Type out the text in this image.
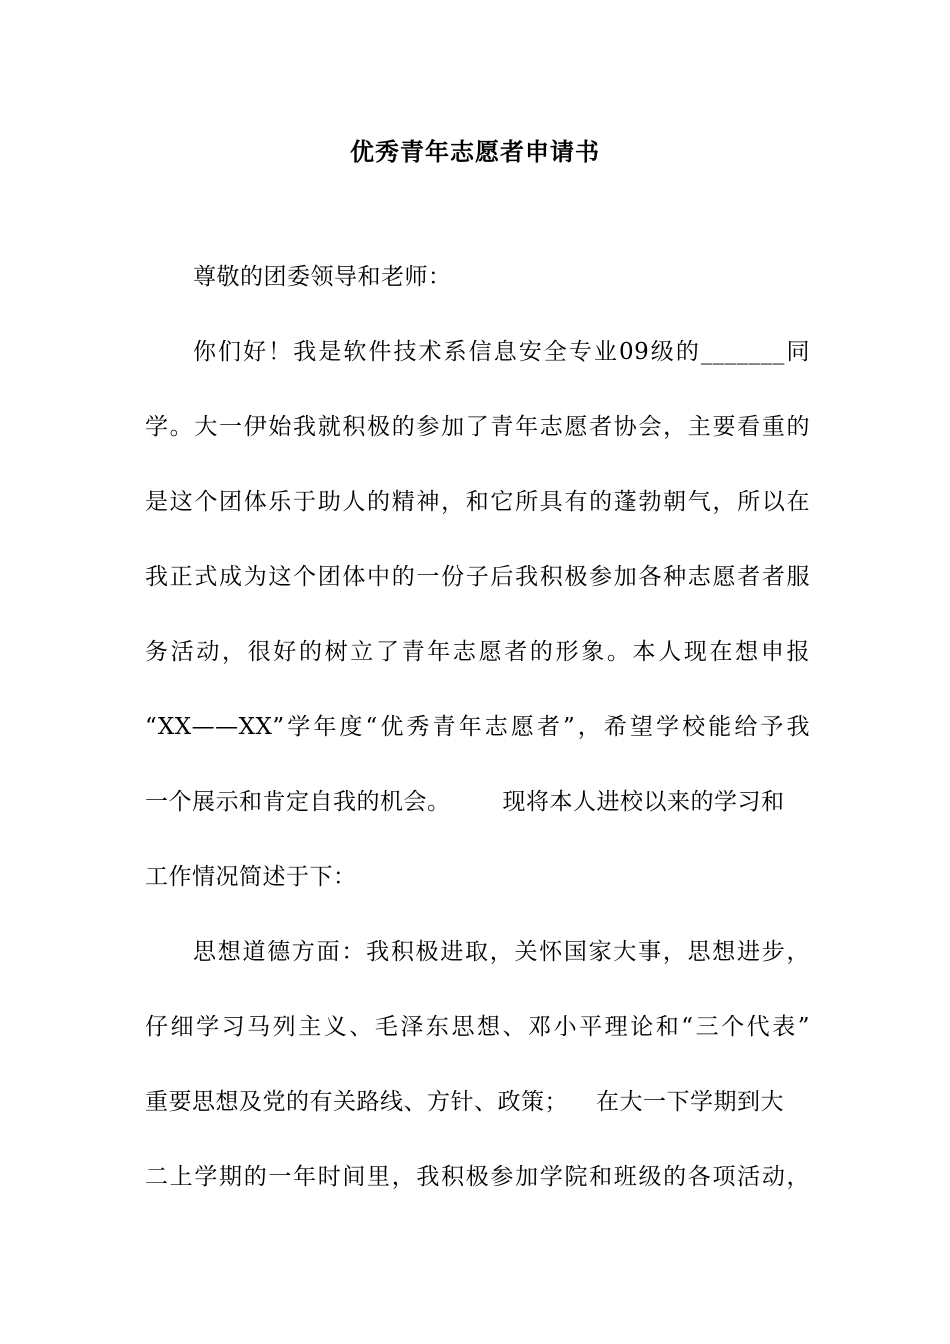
优秀青年志愿者申请书
尊敬的团委领导和老师：
你们好！我是软件技术系信息安全专业09级的_______同
学。大一伊始我就积极的参加了青年志愿者协会，主要看重的
是这个团体乐于助人的精神，和它所具有的蓬勃朝气，所以在
我正式成为这个团体中的一份子后我积极参加各种志愿者者服
务活动，很好的树立了青年志愿者的形象。本人现在想申报
“XX——XX”学年度“优秀青年志愿者”，希望学校能给予我
一个展示和肯定自我的机会。 现将本人进校以来的学习和
工作情况简述于下：
思想道德方面：我积极进取，关怀国家大事，思想进步，
仔细学习马列主义、毛泽东思想、邓小平理论和“三个代表”
重要思想及党的有关路线、方针、政策； 在大一下学期到大
二上学期的一年时间里，我积极参加学院和班级的各项活动，
